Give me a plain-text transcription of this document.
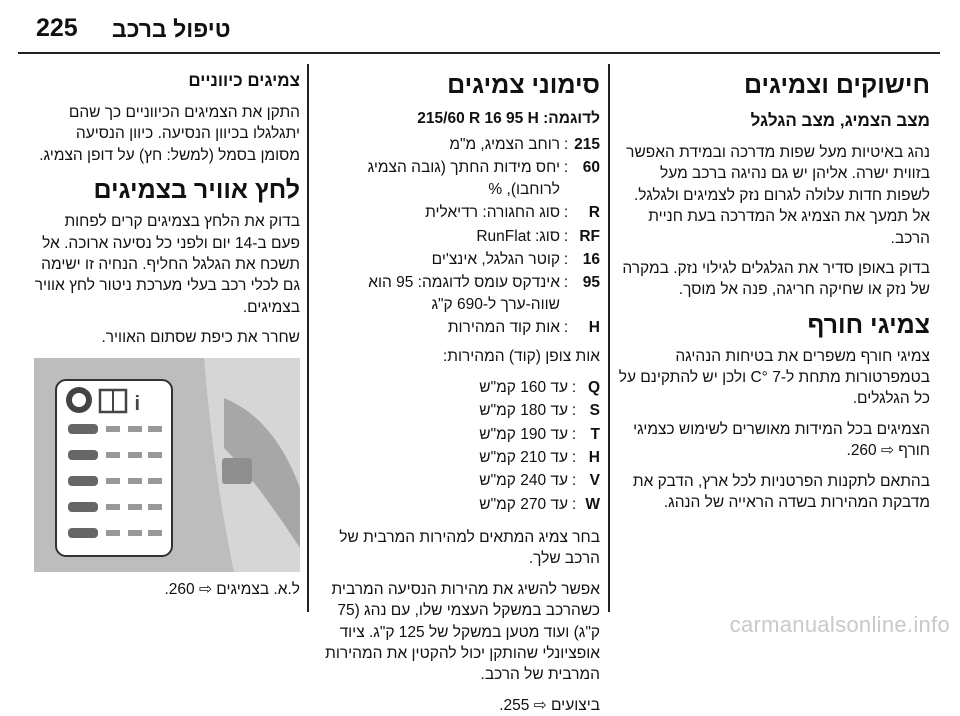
225 טיפול ברכב
חישוקים וצמיגים
מצב הצמיג, מצב הגלגל

נהג באיטיות מעל שפות מדרכה ובמידת האפשר בזווית ישרה. אליהן יש גם נהיגה ברכב מעל לשפות חדות עלולה לגרום נזק לצמיגים ולגלגל. אל תמעך את הצמיג אל המדרכה בעת חניית הרכב.

בדוק באופן סדיר את הגלגלים לגילוי נזק. במקרה של נזק או שחיקה חריגה, פנה אל מוסך.

צמיגי חורף

צמיגי חורף משפרים את בטיחות הנהיגה בטמפרטורות מתחת ל-7 °C ולכן יש להתקינם על כל הגלגלים.

הצמיגים בכל המידות מאושרים לשימוש כצמיגי חורף ⇨ 260.

בהתאם לתקנות הפרטניות לכל ארץ, הדבק את מדבקת המהירות בשדה הראייה של הנהג.

סימוני צמיגים
לדוגמה: 215/60 R 16 95 H
215
:
רוחב הצמיג, מ"מ
60
:
יחס מידות החתך (גובה הצמיג לרוחבו), %
R
:
סוג החגורה: רדיאלית
RF
:
סוג: RunFlat
16
:
קוטר הגלגל, אינצ'ים
95
:
אינדקס עומס לדוגמה: 95 הוא שווה-ערך ל-690 ק"ג
H
:
אות קוד המהירות

אות צופן (קוד) המהירות:

Q
:
עד 160 קמ"ש
S
:
עד 180 קמ"ש
T
:
עד 190 קמ"ש
H
:
עד 210 קמ"ש
V
:
עד 240 קמ"ש
W
:
עד 270 קמ"ש

בחר צמיג המתאים למהירות המרבית של הרכב שלך.

אפשר להשיג את מהירות הנסיעה המרבית כשהרכב במשקל העצמי שלו, עם נהג (75 ק"ג) ועוד מטען במשקל של 125 ק"ג. ציוד אופציונלי שהותקן יכול להקטין את המהירות המרבית של הרכב.

ביצועים ⇨ 255.

צמיגים כיווניים

התקן את הצמיגים הכיווניים כך שהם יתגלגלו בכיוון הנסיעה. כיוון הנסיעה מסומן בסמל (למשל: חץ) על דופן הצמיג.

לחץ אוויר בצמיגים

בדוק את הלחץ בצמיגים קרים לפחות פעם ב-14 יום ולפני כל נסיעה ארוכה. אל תשכח את הגלגל החליף. הנחיה זו ישימה גם לכלי רכב בעלי מערכת ניטור לחץ אוויר בצמיגים.

שחרר את כיפת שסתום האוויר.

i
ל.א. בצמיגים ⇨ 260.
carmanualsonline.info
